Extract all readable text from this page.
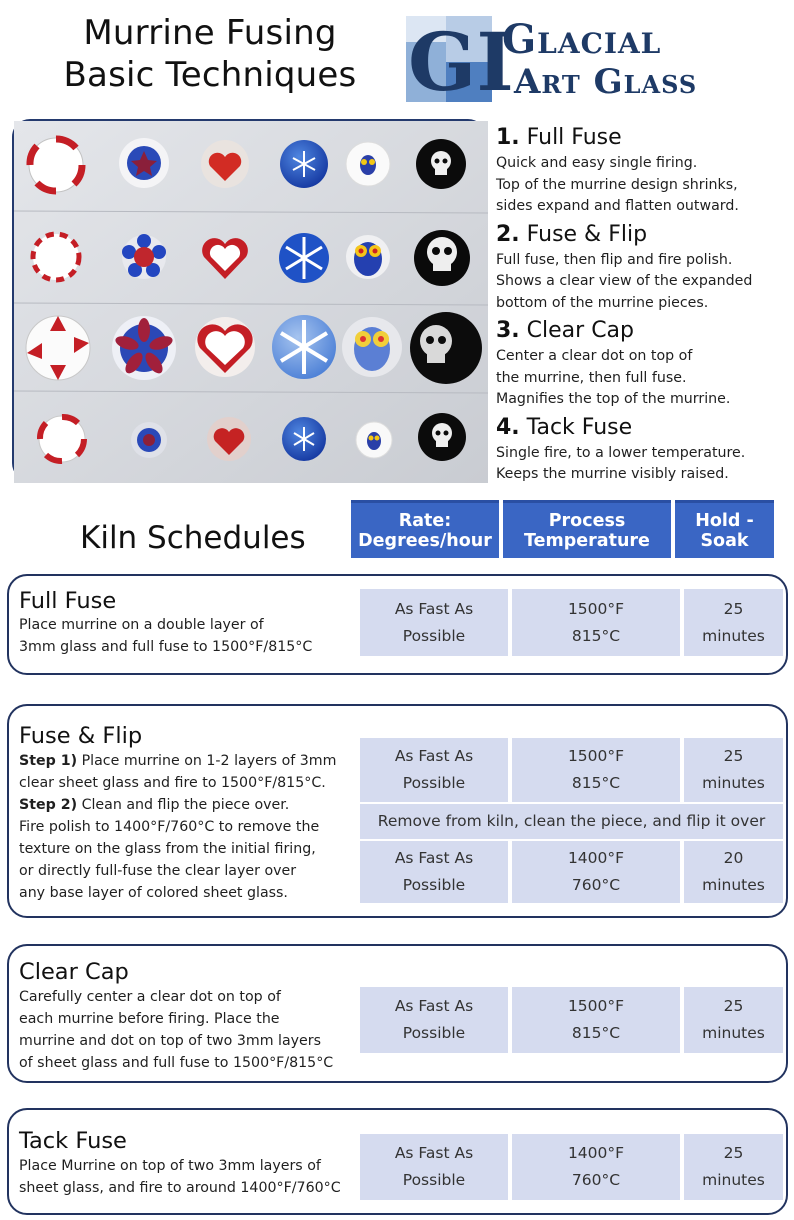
Murrine Fusing
Basic Techniques GI
Glacial
Art Glass
1. Full Fuse
Quick and easy single firing.
Top of the murrine design shrinks,
sides expand and flatten outward.
2. Fuse & Flip
Full fuse, then flip and fire polish.
Shows a clear view of the expanded
bottom of the murrine pieces.
3. Clear Cap
Center a clear dot on top of
the murrine, then full fuse.
Magnifies the top of the murrine.
4. Tack Fuse
Single fire, to a lower temperature.
Keeps the murrine visibly raised.
Kiln Schedules	Rate:
Degrees/hour
Process
Temperature
Hold -
Soak
Full Fuse
Place murrine on a double layer of
3mm glass and full fuse to 1500°F/815°C
As Fast As
Possible
1500°F
815°C
25
minutes
Fuse & Flip
Step 1) Place murrine on 1-2 layers of 3mm
clear sheet glass and fire to 1500°F/815°C.
Step 2) Clean and flip the piece over.
Fire polish to 1400°F/760°C to remove the
texture on the glass from the initial firing,
or directly full-fuse the clear layer over
any base layer of colored sheet glass.
As Fast As
Possible
1500°F
815°C
25
minutes
Remove from kiln, clean the piece, and flip it over
As Fast As
Possible
1400°F
760°C
20
minutes
Clear Cap
Carefully center a clear dot on top of
each murrine before firing. Place the
murrine and dot on top of two 3mm layers
of sheet glass and full fuse to 1500°F/815°C
As Fast As
Possible
1500°F
815°C
25
minutes
Tack Fuse
Place Murrine on top of two 3mm layers of
sheet glass, and fire to around 1400°F/760°C
As Fast As
Possible
1400°F
760°C
25
minutes
